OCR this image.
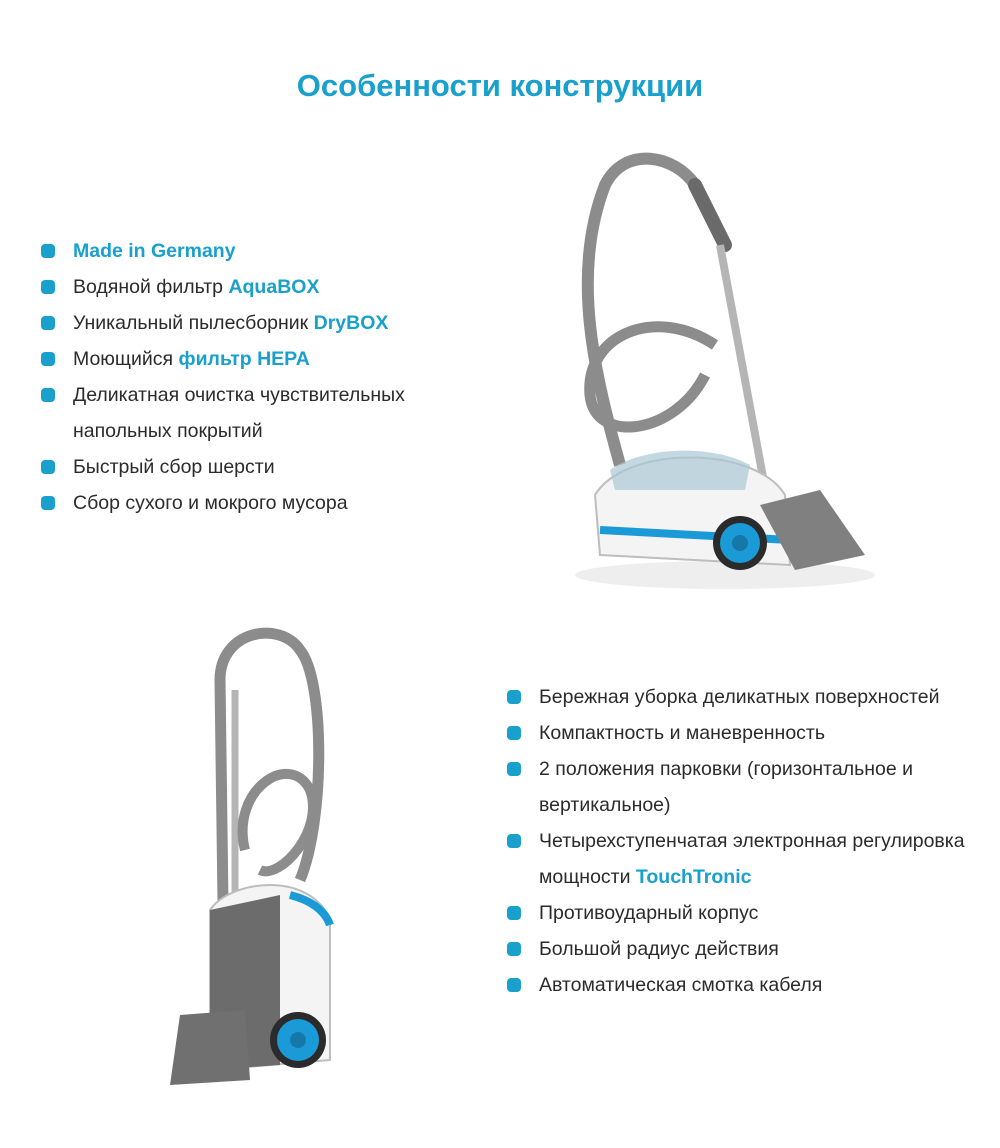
Особенности конструкции
Made in Germany
Водяной фильтр AquaBOX
Уникальный пылесборник DryBOX
Моющийся фильтр HEPA
Деликатная очистка чувствительных напольных покрытий
Быстрый сбор шерсти
Сбор сухого и мокрого мусора
Бережная уборка деликатных поверхностей
Компактность и маневренность
2 положения парковки (горизонтальное и вертикальное)
Четырехступенчатая электронная регулировка мощности TouchTronic
Противоударный корпус
Большой радиус действия
Автоматическая смотка кабеля
